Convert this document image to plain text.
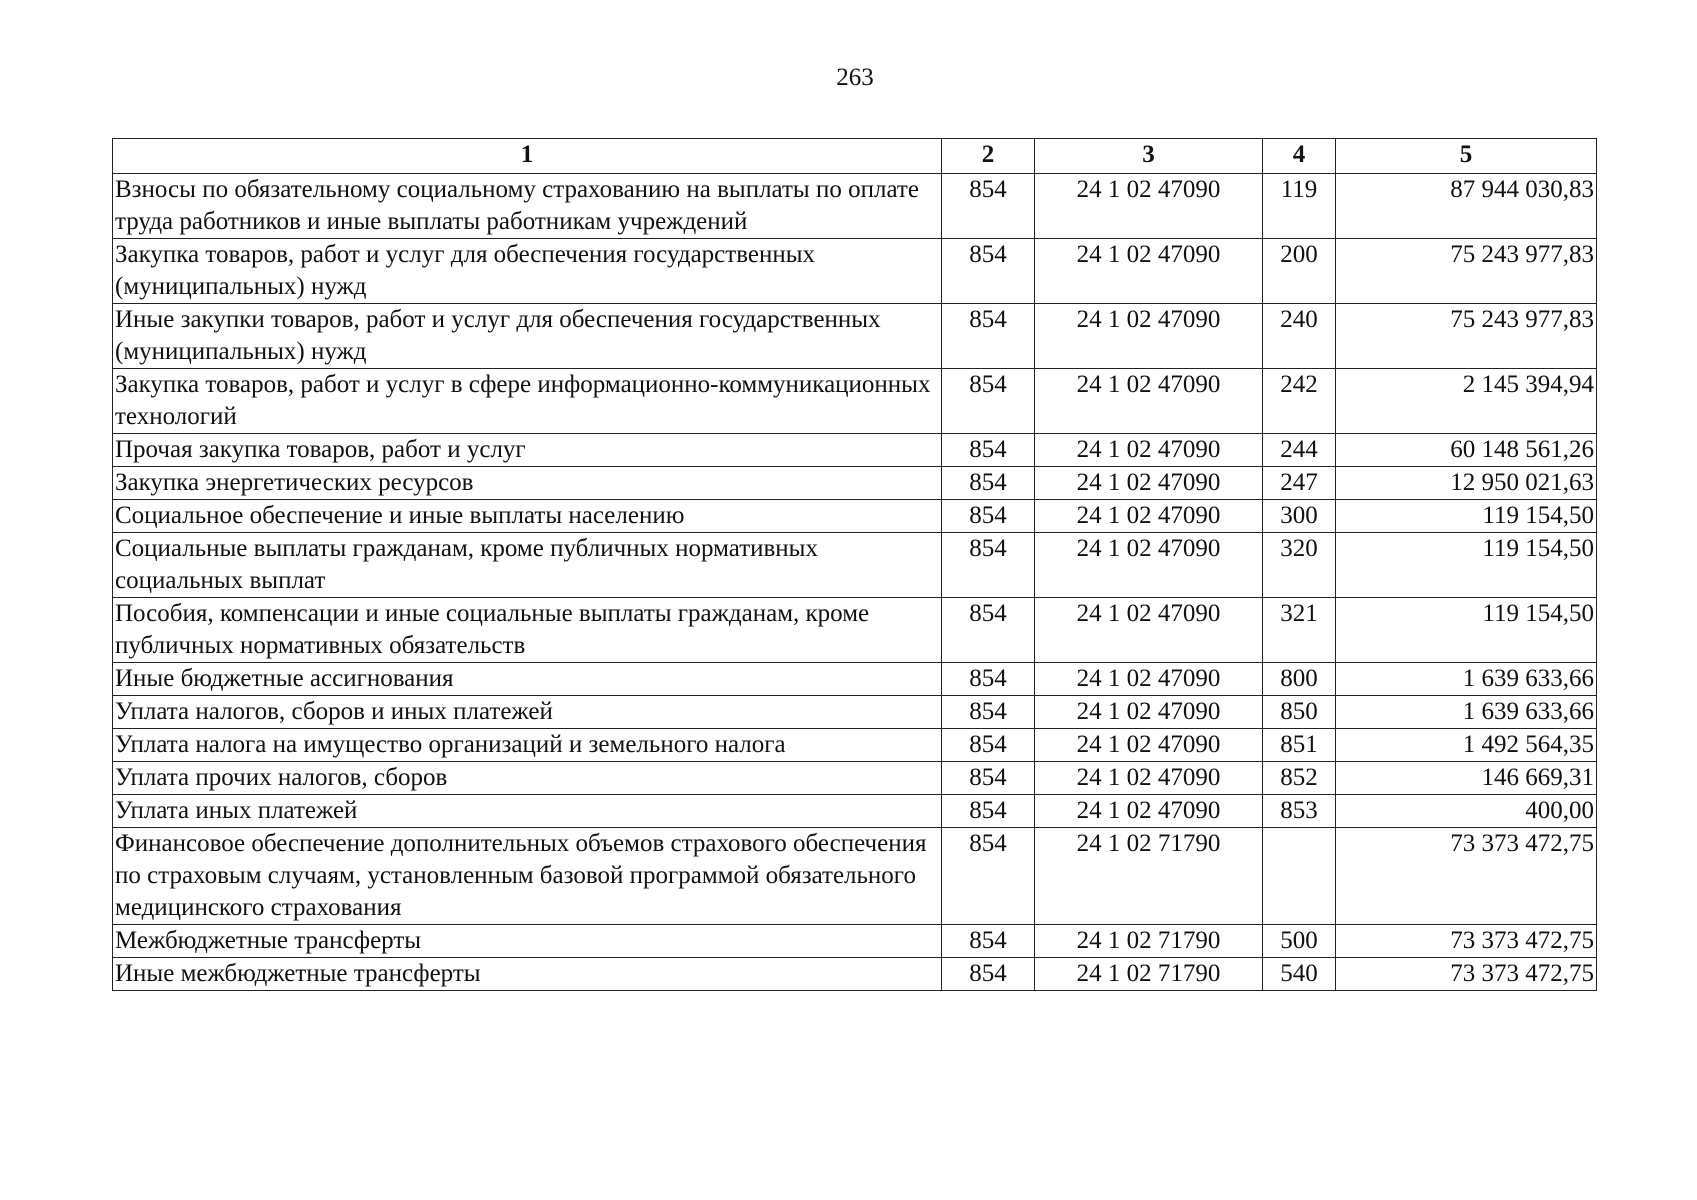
263
1	2	3	4	5
Взносы по обязательному социальному страхованию на выплаты по оплате труда работников и иные выплаты работникам учреждений	854	24 1 02 47090	119	87 944 030,83
Закупка товаров, работ и услуг для обеспечения государственных (муниципальных) нужд	854	24 1 02 47090	200	75 243 977,83
Иные закупки товаров, работ и услуг для обеспечения государственных (муниципальных) нужд	854	24 1 02 47090	240	75 243 977,83
Закупка товаров, работ и услуг в сфере информационно-коммуникационных технологий	854	24 1 02 47090	242	2 145 394,94
Прочая закупка товаров, работ и услуг	854	24 1 02 47090	244	60 148 561,26
Закупка энергетических ресурсов	854	24 1 02 47090	247	12 950 021,63
Социальное обеспечение и иные выплаты населению	854	24 1 02 47090	300	119 154,50
Социальные выплаты гражданам, кроме публичных нормативных социальных выплат	854	24 1 02 47090	320	119 154,50
Пособия, компенсации и иные социальные выплаты гражданам, кроме публичных нормативных обязательств	854	24 1 02 47090	321	119 154,50
Иные бюджетные ассигнования	854	24 1 02 47090	800	1 639 633,66
Уплата налогов, сборов и иных платежей	854	24 1 02 47090	850	1 639 633,66
Уплата налога на имущество организаций и земельного налога	854	24 1 02 47090	851	1 492 564,35
Уплата прочих налогов, сборов	854	24 1 02 47090	852	146 669,31
Уплата иных платежей	854	24 1 02 47090	853	400,00
Финансовое обеспечение дополнительных объемов страхового обеспечения по страховым случаям, установленным базовой программой обязательного медицинского страхования	854	24 1 02 71790		73 373 472,75
Межбюджетные трансферты	854	24 1 02 71790	500	73 373 472,75
Иные межбюджетные трансферты	854	24 1 02 71790	540	73 373 472,75
